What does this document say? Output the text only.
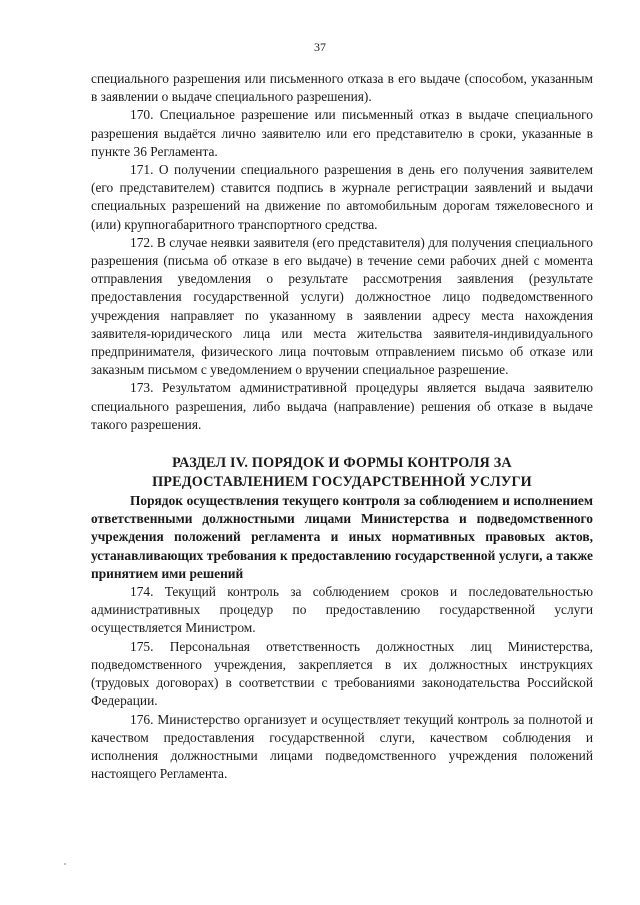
37

специального разрешения или письменного отказа в его выдаче (способом, указанным в заявлении о выдаче специального разрешения).

170. Специальное разрешение или письменный отказ в выдаче специального разрешения выдаётся лично заявителю или его представителю в сроки, указанные в пункте 36 Регламента.

171. О получении специального разрешения в день его получения заявителем (его представителем) ставится подпись в журнале регистрации заявлений и выдачи специальных разрешений на движение по автомобильным дорогам тяжеловесного и (или) крупногабаритного транспортного средства.

172. В случае неявки заявителя (его представителя) для получения специального разрешения (письма об отказе в его выдаче) в течение семи рабочих дней с момента отправления уведомления о результате рассмотрения заявления (результате предоставления государственной услуги) должностное лицо подведомственного учреждения направляет по указанному в заявлении адресу места нахождения заявителя-юридического лица или места жительства заявителя-индивидуального предпринимателя, физического лица почтовым отправлением письмо об отказе или заказным письмом с уведомлением о вручении специальное разрешение.

173. Результатом административной процедуры является выдача заявителю специального разрешения, либо выдача (направление) решения об отказе в выдаче такого разрешения.

РАЗДЕЛ IV. ПОРЯДОК И ФОРМЫ КОНТРОЛЯ ЗА
ПРЕДОСТАВЛЕНИЕМ ГОСУДАРСТВЕННОЙ УСЛУГИ

Порядок осуществления текущего контроля за соблюдением и исполнением ответственными должностными лицами Министерства и подведомственного учреждения положений регламента и иных нормативных правовых актов, устанавливающих требования к предоставлению государственной услуги, а также принятием ими решений

174. Текущий контроль за соблюдением сроков и последовательностью административных процедур по предоставлению государственной услуги осуществляется Министром.

175. Персональная ответственность должностных лиц Министерства, подведомственного учреждения, закрепляется в их должностных инструкциях (трудовых договорах) в соответствии с требованиями законодательства Российской Федерации.

176. Министерство организует и осуществляет текущий контроль за полнотой и качеством предоставления государственной слуги, качеством соблюдения и исполнения должностными лицами подведомственного учреждения положений настоящего Регламента.
